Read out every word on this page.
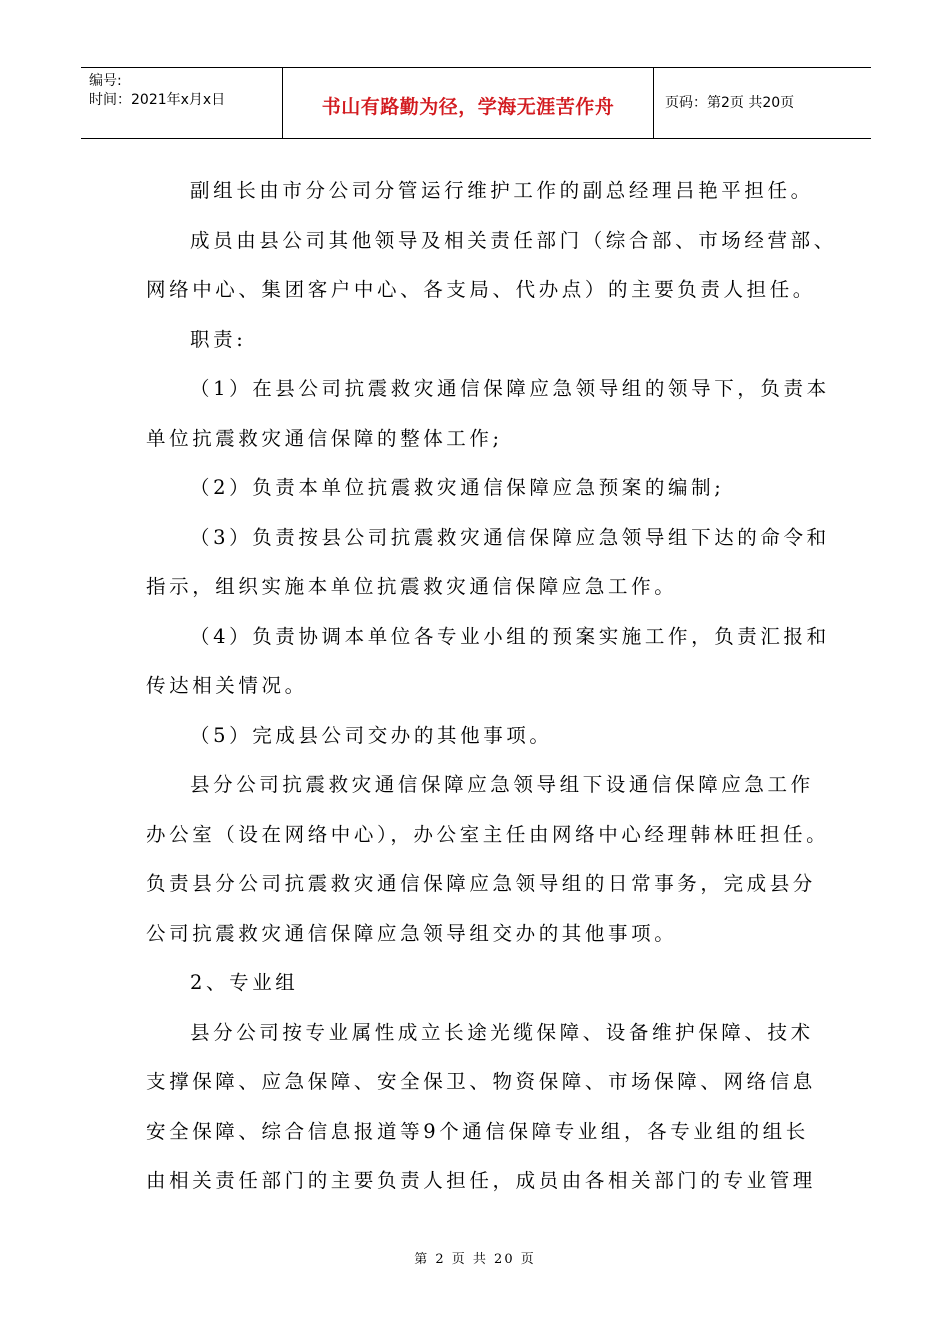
编号:
时间：2021年x月x日	书山有路勤为径，学海无涯苦作舟	页码：第2页 共20页
副组长由市分公司分管运行维护工作的副总经理吕艳平担任。
成员由县公司其他领导及相关责任部门（综合部、市场经营部、
网络中心、集团客户中心、各支局、代办点）的主要负责人担任。
职责:
（1）在县公司抗震救灾通信保障应急领导组的领导下，负责本
单位抗震救灾通信保障的整体工作;
（2）负责本单位抗震救灾通信保障应急预案的编制;
（3）负责按县公司抗震救灾通信保障应急领导组下达的命令和
指示，组织实施本单位抗震救灾通信保障应急工作。
（4）负责协调本单位各专业小组的预案实施工作，负责汇报和
传达相关情况。
（5）完成县公司交办的其他事项。
县分公司抗震救灾通信保障应急领导组下设通信保障应急工作
办公室（设在网络中心），办公室主任由网络中心经理韩林旺担任。
负责县分公司抗震救灾通信保障应急领导组的日常事务，完成县分
公司抗震救灾通信保障应急领导组交办的其他事项。
2、专业组
县分公司按专业属性成立长途光缆保障、设备维护保障、技术
支撑保障、应急保障、安全保卫、物资保障、市场保障、网络信息
安全保障、综合信息报道等9个通信保障专业组，各专业组的组长
由相关责任部门的主要负责人担任，成员由各相关部门的专业管理
第 2 页 共 20 页
